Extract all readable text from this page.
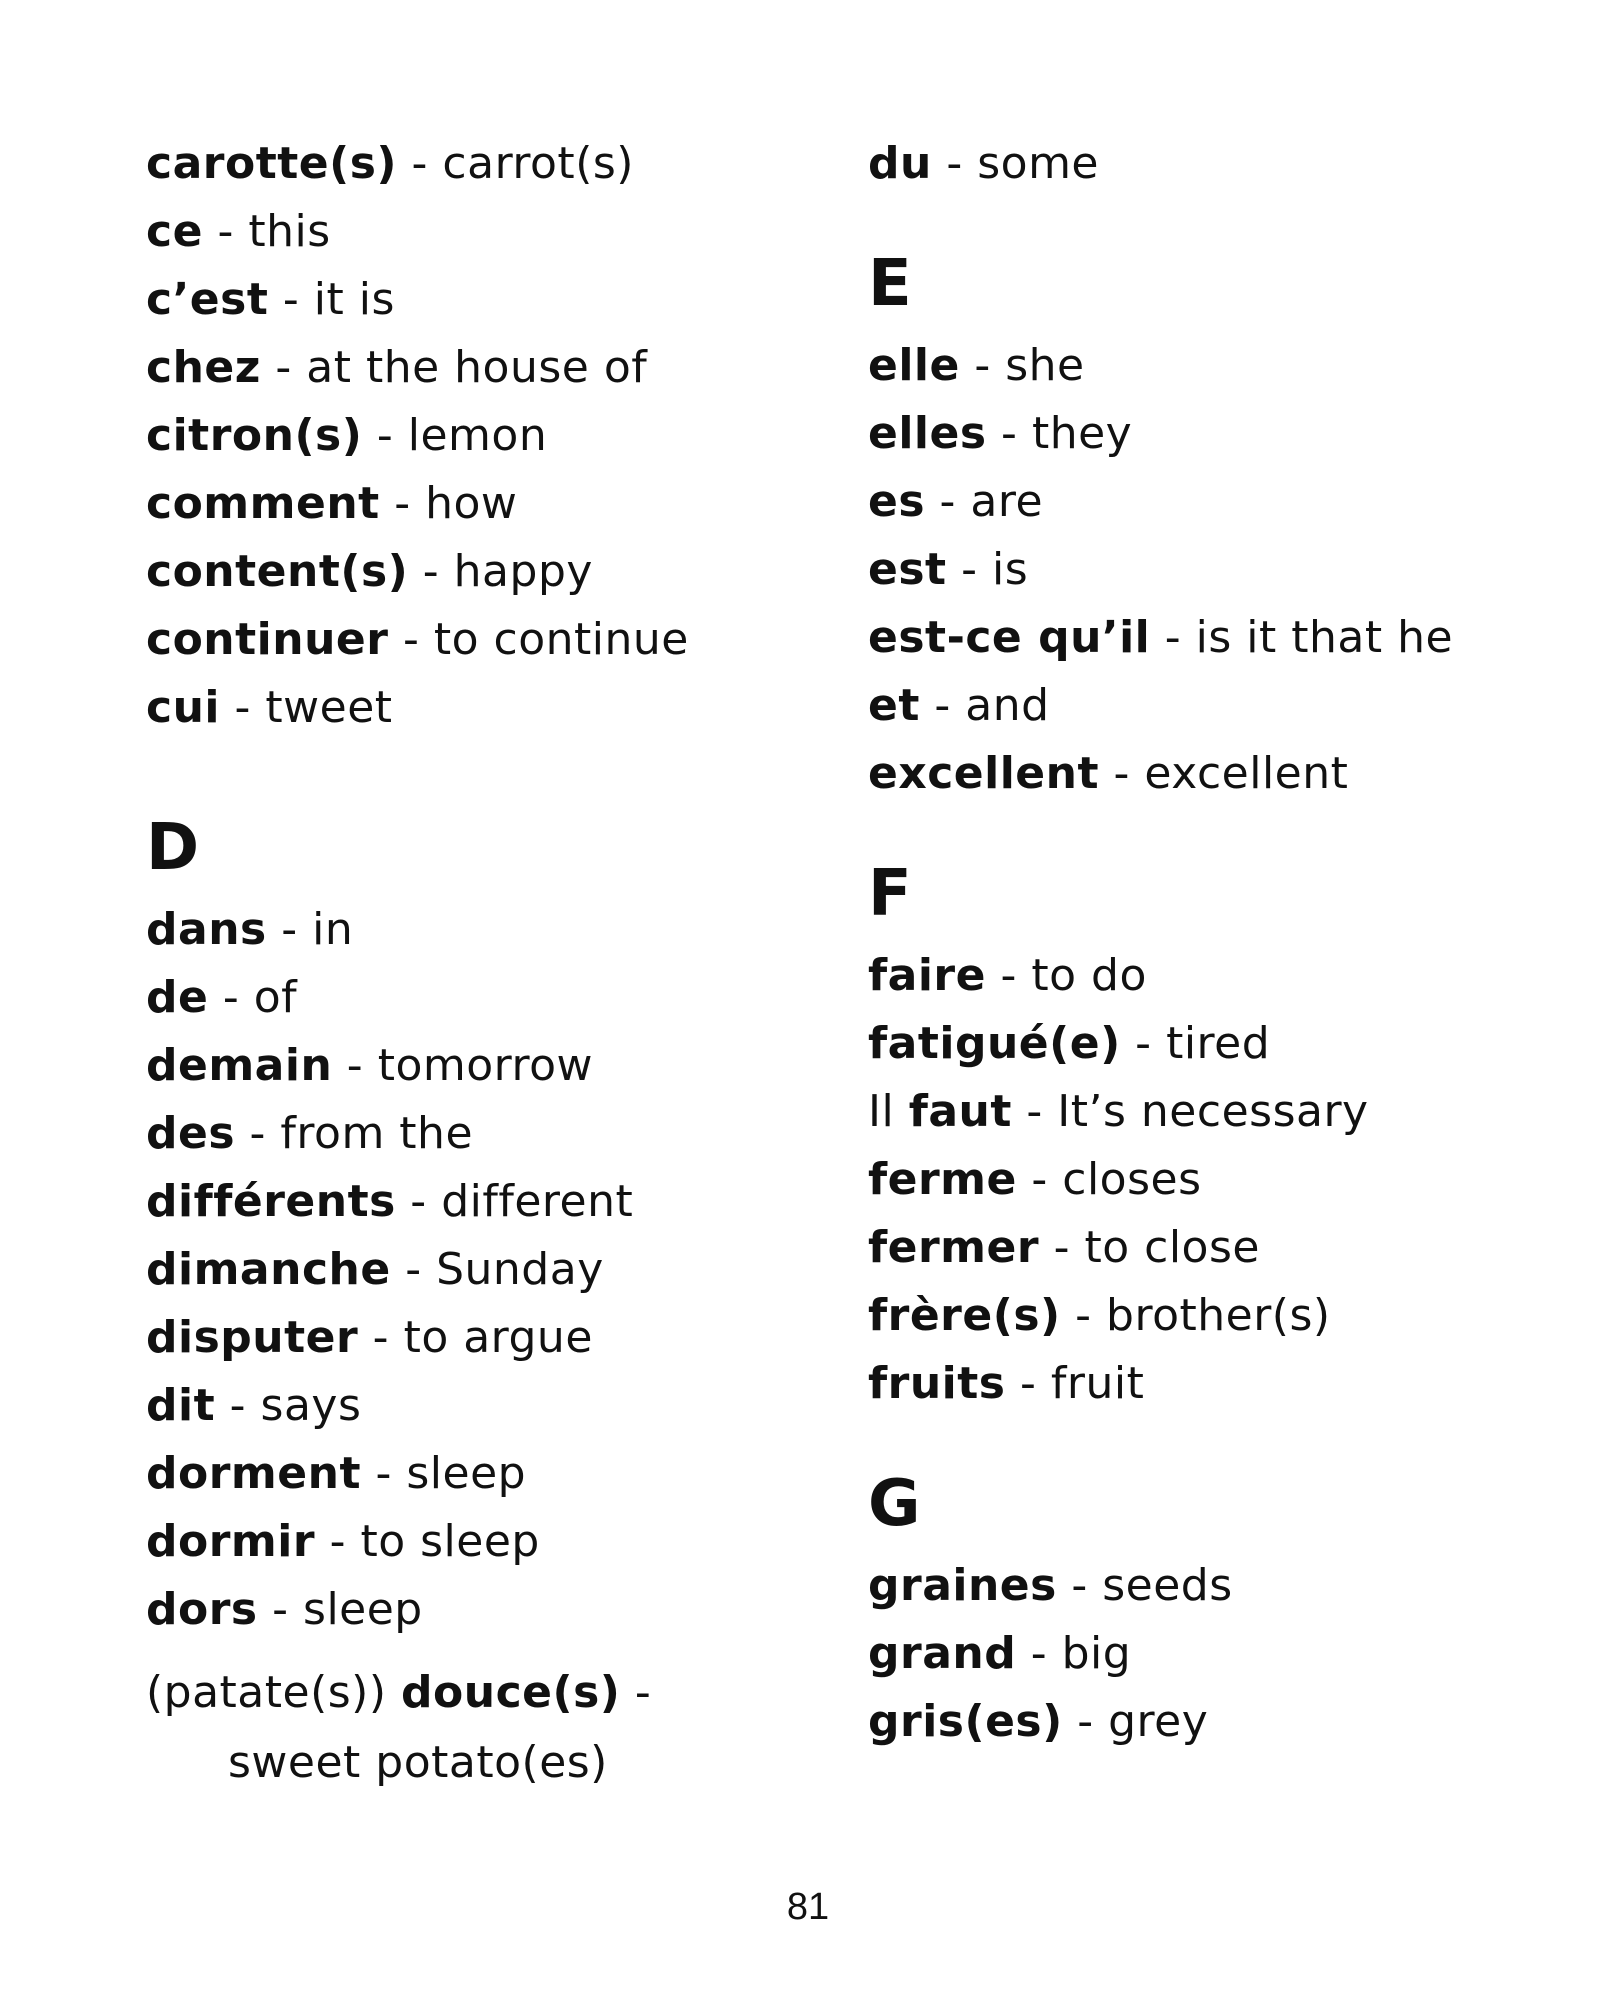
carotte(s) - carrot(s)
ce - this
c’est - it is
chez - at the house of
citron(s) - lemon
comment - how
content(s) - happy
continuer - to continue
cui - tweet
D
dans - in
de - of
demain - tomorrow
des - from the
différents - different
dimanche - Sunday
disputer - to argue
dit - says
dorment - sleep
dormir - to sleep
dors - sleep
(patate(s)) douce(s) -
sweet potato(es)
du - some
E
elle - she
elles - they
es - are
est - is
est-ce qu’il - is it that he
et - and
excellent - excellent
F
faire - to do
fatigué(e) - tired
Il faut - It’s necessary
ferme - closes
fermer - to close
frère(s) - brother(s)
fruits - fruit
G
graines - seeds
grand - big
gris(es) - grey
81
